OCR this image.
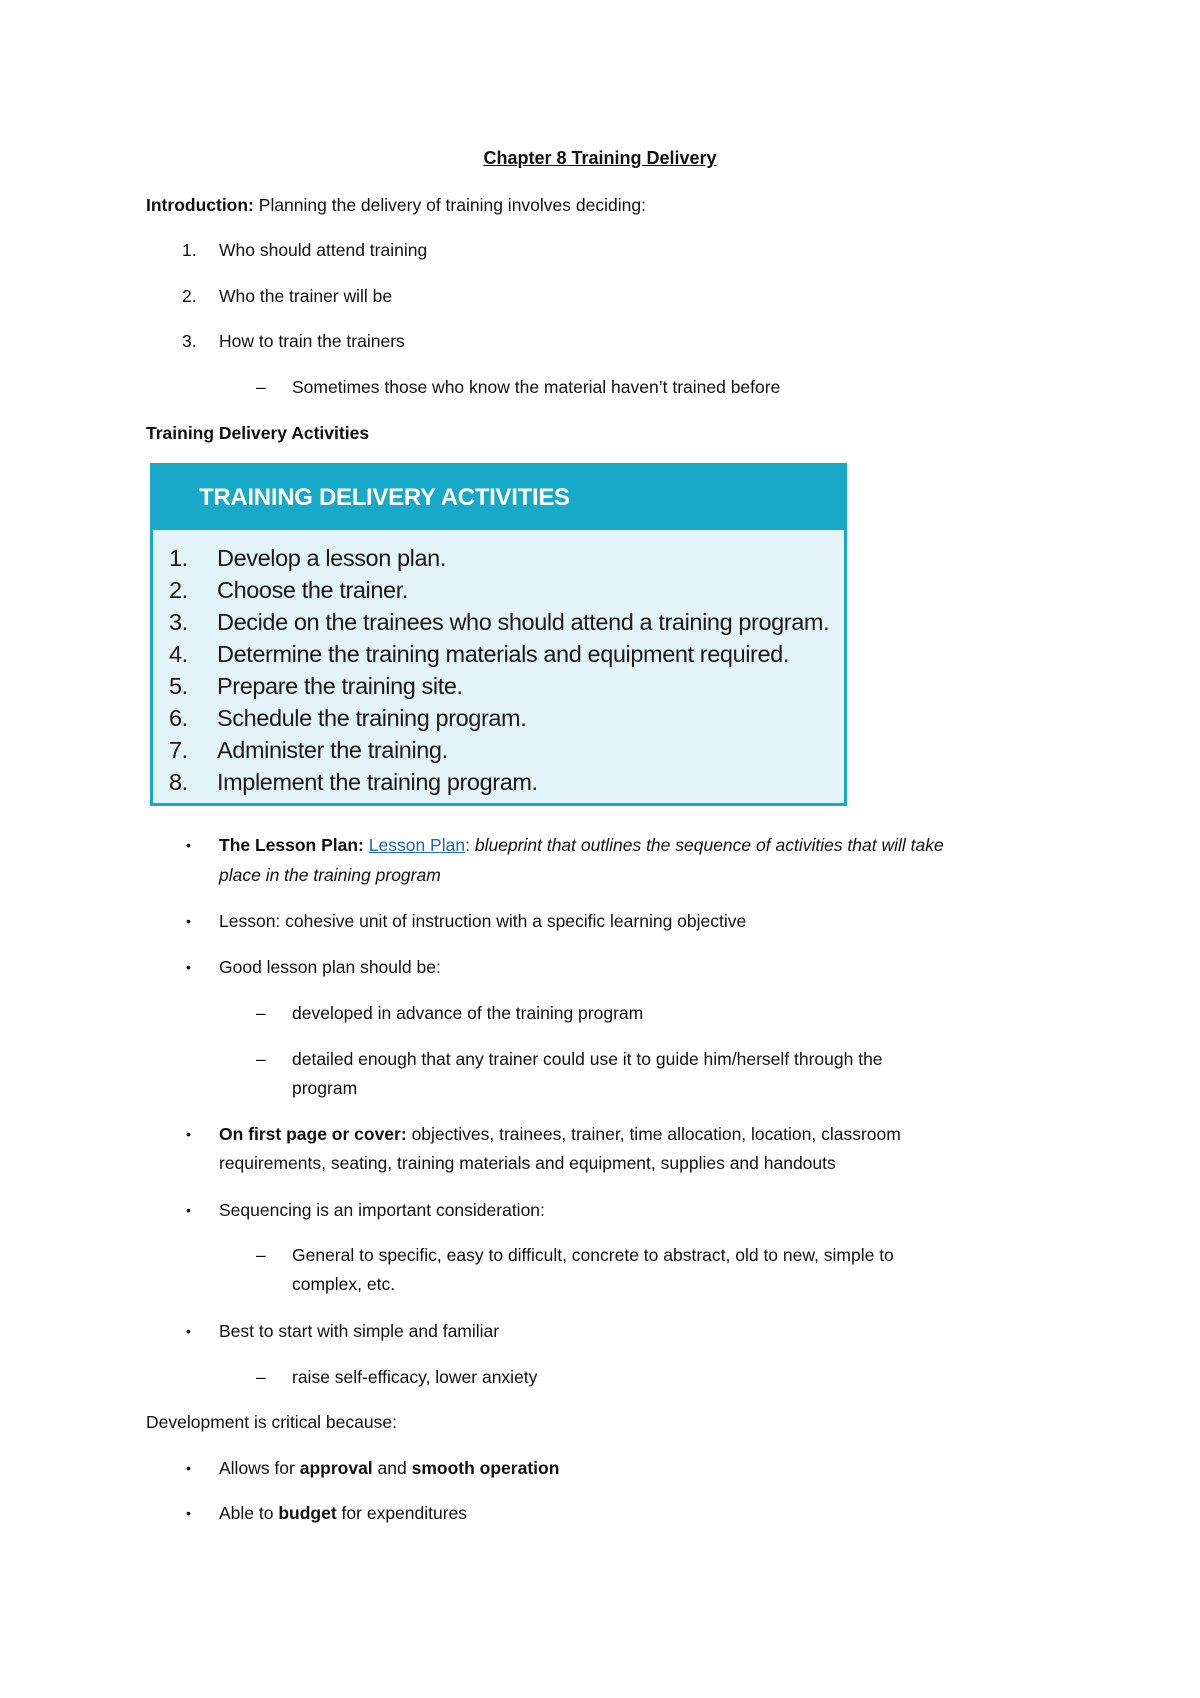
Chapter 8 Training Delivery
Introduction: Planning the delivery of training involves deciding:
1.	Who should attend training
2.	Who the trainer will be
3.	How to train the trainers
– Sometimes those who know the material haven’t trained before
Training Delivery Activities
TRAINING DELIVERY ACTIVITIES
1. Develop a lesson plan.
2. Choose the trainer.
3. Decide on the trainees who should attend a training program.
4. Determine the training materials and equipment required.
5. Prepare the training site.
6. Schedule the training program.
7. Administer the training.
8. Implement the training program.
• The Lesson Plan: Lesson Plan: blueprint that outlines the sequence of activities that will take
place in the training program
• Lesson: cohesive unit of instruction with a specific learning objective
• Good lesson plan should be:
– developed in advance of the training program
– detailed enough that any trainer could use it to guide him/herself through the
program
• On first page or cover: objectives, trainees, trainer, time allocation, location, classroom
requirements, seating, training materials and equipment, supplies and handouts
• Sequencing is an important consideration:
– General to specific, easy to difficult, concrete to abstract, old to new, simple to
complex, etc.
• Best to start with simple and familiar
– raise self-efficacy, lower anxiety
Development is critical because:
• Allows for approval and smooth operation
• Able to budget for expenditures
